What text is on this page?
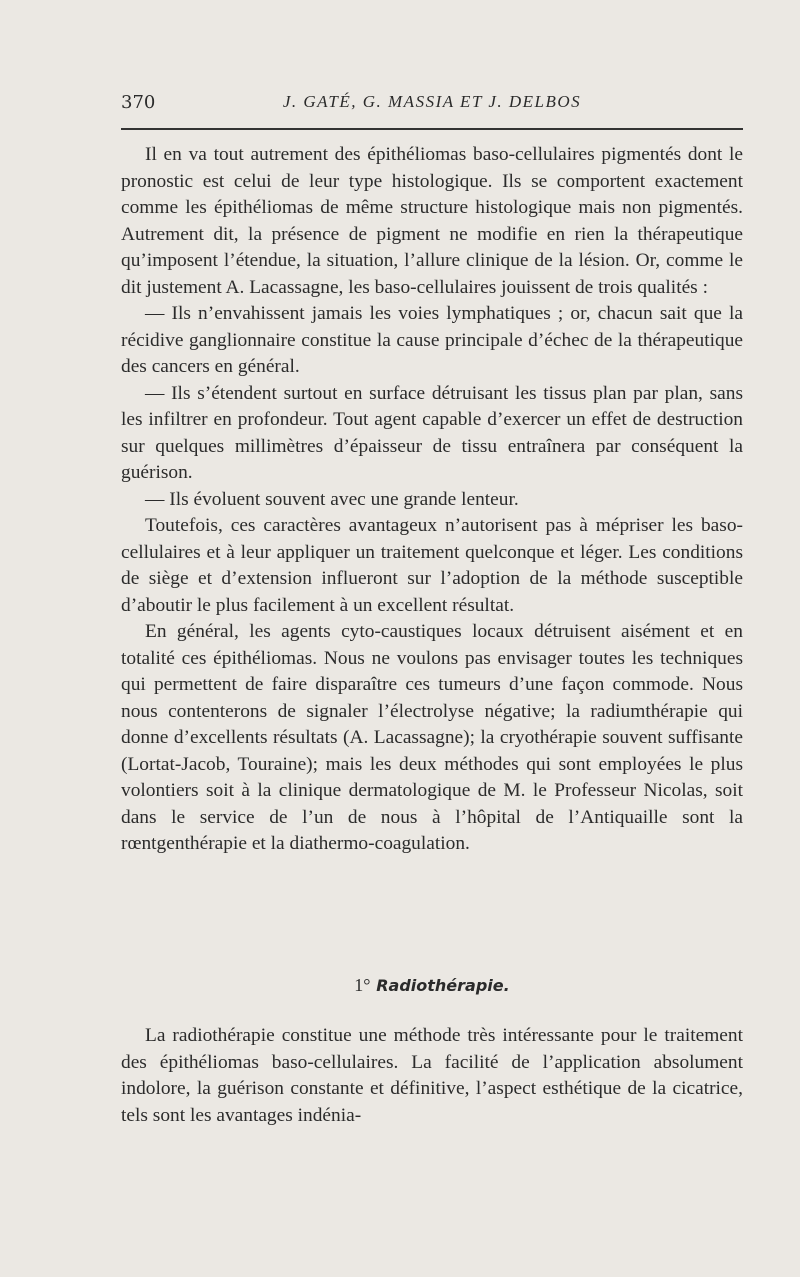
370	J. GATÉ, G. MASSIA ET J. DELBOS

Il en va tout autrement des épithéliomas baso-cellulaires pigmentés dont le pronostic est celui de leur type histologique. Ils se comportent exactement comme les épithéliomas de même structure histologique mais non pigmentés. Autrement dit, la présence de pigment ne modifie en rien la thérapeutique qu’imposent l’étendue, la situation, l’allure clinique de la lésion. Or, comme le dit justement A. Lacassagne, les baso-cellulaires jouissent de trois qualités :

— Ils n’envahissent jamais les voies lymphatiques ; or, chacun sait que la récidive ganglionnaire constitue la cause principale d’échec de la thérapeutique des cancers en général.

— Ils s’étendent surtout en surface détruisant les tissus plan par plan, sans les infiltrer en profondeur. Tout agent capable d’exercer un effet de destruction sur quelques millimètres d’épaisseur de tissu entraînera par conséquent la guérison.

— Ils évoluent souvent avec une grande lenteur.

Toutefois, ces caractères avantageux n’autorisent pas à mépriser les baso-cellulaires et à leur appliquer un traitement quelconque et léger. Les conditions de siège et d’extension influeront sur l’adoption de la méthode susceptible d’aboutir le plus facilement à un excellent résultat.

En général, les agents cyto-caustiques locaux détruisent aisément et en totalité ces épithéliomas. Nous ne voulons pas envisager toutes les techniques qui permettent de faire disparaître ces tumeurs d’une façon commode. Nous nous contenterons de signaler l’électrolyse négative; la radiumthérapie qui donne d’excellents résultats (A. Lacassagne); la cryothérapie souvent suffisante (Lortat-Jacob, Touraine); mais les deux méthodes qui sont employées le plus volontiers soit à la clinique dermatologique de M. le Professeur Nicolas, soit dans le service de l’un de nous à l’hôpital de l’Antiquaille sont la rœntgenthérapie et la diathermo-coagulation.

1° Radiothérapie.

La radiothérapie constitue une méthode très intéressante pour le traitement des épithéliomas baso-cellulaires. La facilité de l’application absolument indolore, la guérison constante et définitive, l’aspect esthétique de la cicatrice, tels sont les avantages indénia-
